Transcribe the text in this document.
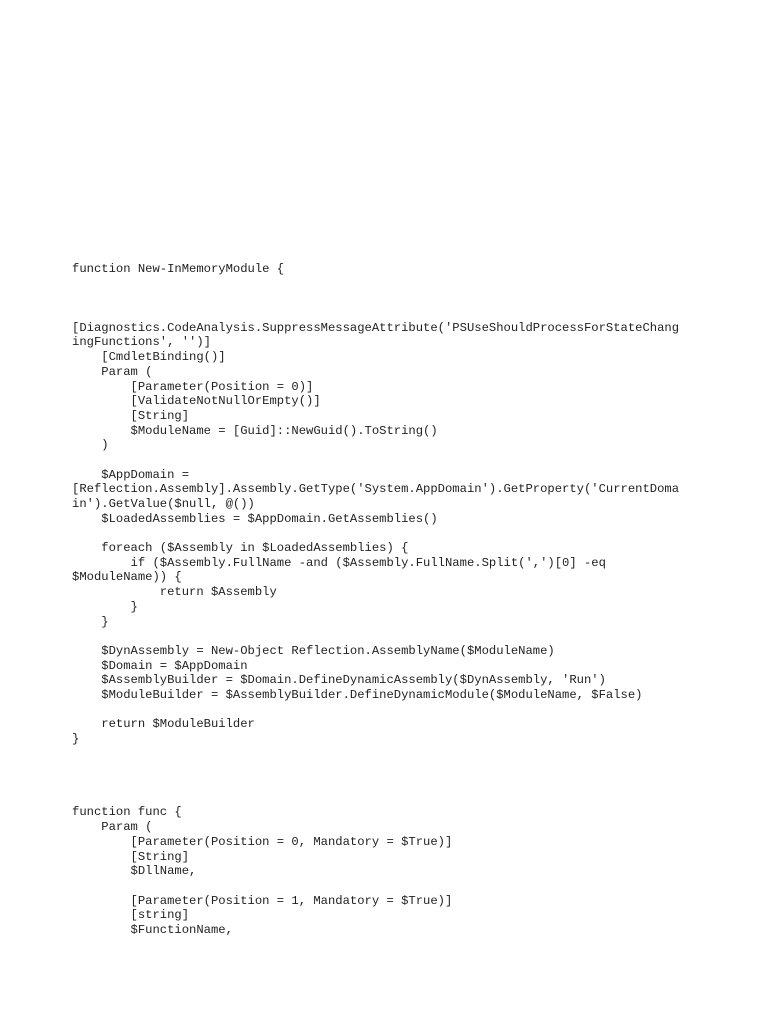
function New-InMemoryModule {
[Diagnostics.CodeAnalysis.SuppressMessageAttribute('PSUseShouldProcessForStateChang
ingFunctions', '')]
[CmdletBinding()]
Param (
[Parameter(Position = 0)]
[ValidateNotNullOrEmpty()]
[String]
$ModuleName = [Guid]::NewGuid().ToString()
)
$AppDomain =
[Reflection.Assembly].Assembly.GetType('System.AppDomain').GetProperty('CurrentDoma
in').GetValue($null, @())
$LoadedAssemblies = $AppDomain.GetAssemblies()
foreach ($Assembly in $LoadedAssemblies) {
if ($Assembly.FullName -and ($Assembly.FullName.Split(',')[0] -eq
$ModuleName)) {
return $Assembly
}
}
$DynAssembly = New-Object Reflection.AssemblyName($ModuleName)
$Domain = $AppDomain
$AssemblyBuilder = $Domain.DefineDynamicAssembly($DynAssembly, 'Run')
$ModuleBuilder = $AssemblyBuilder.DefineDynamicModule($ModuleName, $False)
return $ModuleBuilder
}
function func {
Param (
[Parameter(Position = 0, Mandatory = $True)]
[String]
$DllName,
[Parameter(Position = 1, Mandatory = $True)]
[string]
$FunctionName,
